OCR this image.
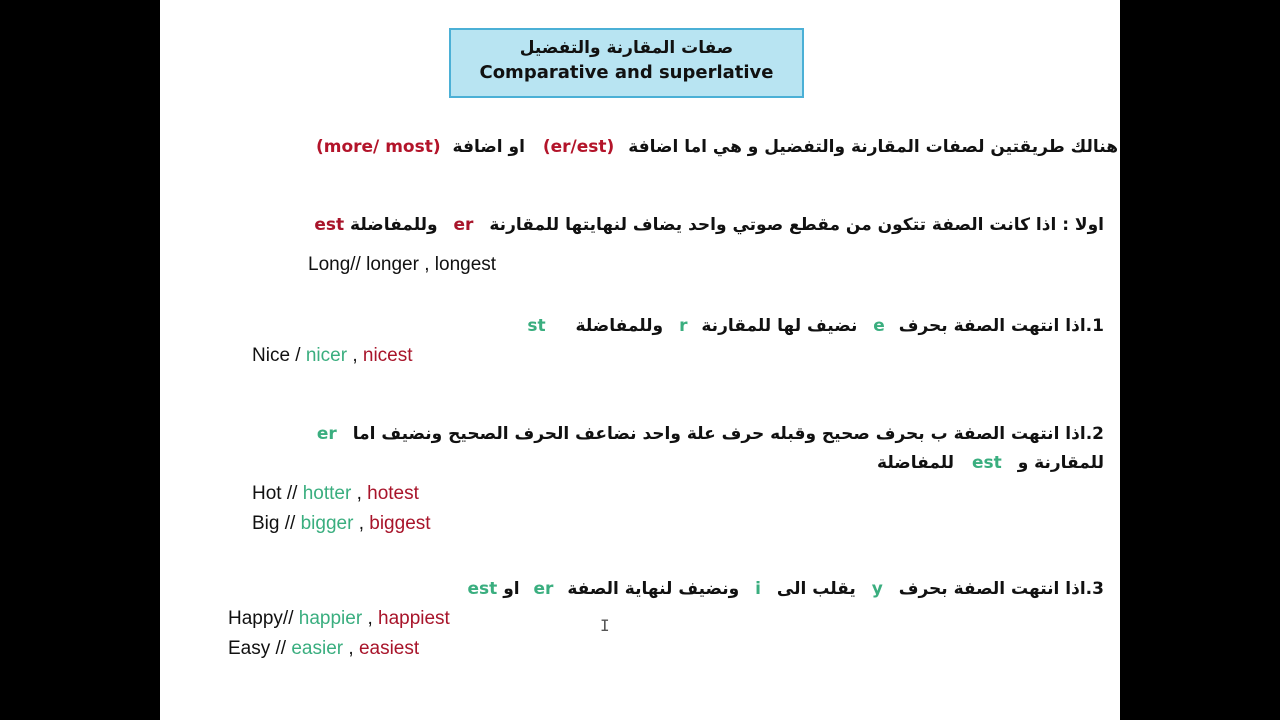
صفات المقارنة والتفضيل
Comparative and superlative
هنالك طريقتين لصفات المقارنة والتفضيل و هي اما اضافة (er/est) او اضافة (more/ most)
اولا : اذا كانت الصفة تتكون من مقطع صوتي واحد يضاف لنهايتها للمقارنة er وللمفاضلة est
Long// longer , longest
1.اذا انتهت الصفة بحرف e نضيف لها للمقارنة r وللمفاضلة st
Nice / nicer , nicest
2.اذا انتهت الصفة ب بحرف صحيح وقبله حرف علة واحد نضاعف الحرف الصحيح ونضيف اما er
للمقارنة و est للمفاضلة
Hot // hotter , hotest
Big // bigger , biggest
3.اذا انتهت الصفة بحرف y يقلب الى i ونضيف لنهاية الصفة er او est
Happy// happier , happiest
Easy // easier , easiest
I
